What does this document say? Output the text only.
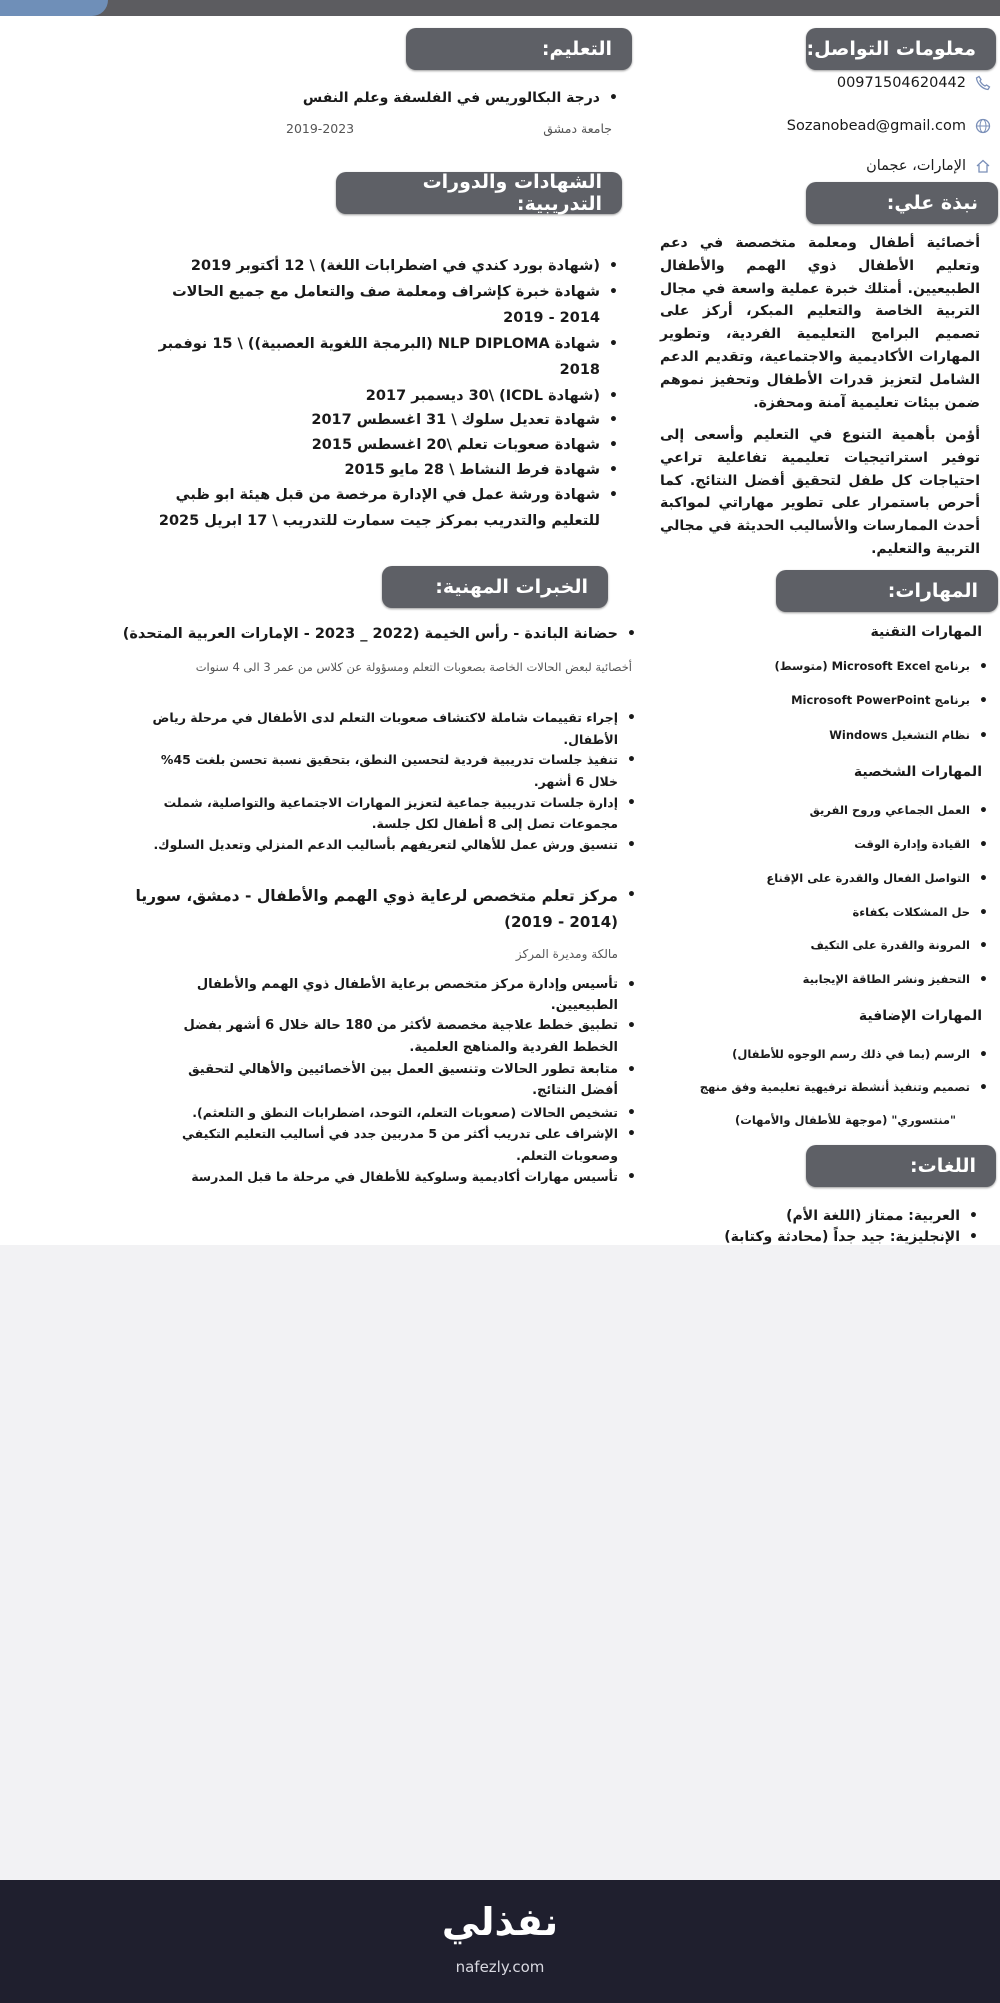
معلومات التواصل:
00971504620442
Sozanobead@gmail.com
الإمارات، عجمان
نبذة علي:
أخصائية أطفال ومعلمة متخصصة في دعم وتعليم الأطفال ذوي الهمم والأطفال الطبيعيين. أمتلك خبرة عملية واسعة في مجال التربية الخاصة والتعليم المبكر، أركز على تصميم البرامج التعليمية الفردية، وتطوير المهارات الأكاديمية والاجتماعية، وتقديم الدعم الشامل لتعزيز قدرات الأطفال وتحفيز نموهم ضمن بيئات تعليمية آمنة ومحفزة.
أؤمن بأهمية التنوع في التعليم وأسعى إلى توفير استراتيجيات تعليمية تفاعلية تراعي احتياجات كل طفل لتحقيق أفضل النتائج. كما أحرص باستمرار على تطوير مهاراتي لمواكبة أحدث الممارسات والأساليب الحديثة في مجالي التربية والتعليم.
المهارات:
المهارات التقنية
• برنامج Microsoft Excel (متوسط)
• برنامج Microsoft PowerPoint
• نظام التشغيل Windows
المهارات الشخصية
• العمل الجماعي وروح الفريق
• القيادة وإدارة الوقت
• التواصل الفعال والقدرة على الإقناع
• حل المشكلات بكفاءة
• المرونة والقدرة على التكيف
• التحفيز ونشر الطاقة الإيجابية
المهارات الإضافية
• الرسم (بما في ذلك رسم الوجوه للأطفال)
• تصميم وتنفيذ أنشطة ترفيهية تعليمية وفق منهج
"منتسوري" (موجهة للأطفال والأمهات)
اللغات:
• العربية: ممتاز (اللغة الأم)
• الإنجليزية: جيد جداً (محادثة وكتابة)
التعليم:
• درجة البكالوريس في الفلسفة وعلم النفس
جامعة دمشق
2019-2023
الشهادات والدورات التدريبية:
• (شهادة بورد كندي في اضطرابات اللغة) \ 12 أكتوبر 2019
• شهادة خبرة كإشراف ومعلمة صف والتعامل مع جميع الحالات
2014 - 2019
• شهادة NLP DIPLOMA (البرمجة اللغوية العصبية)) \ 15 نوفمبر
2018
• (شهادة ICDL) \30 ديسمبر 2017
• شهادة تعديل سلوك \ 31 اغسطس 2017
• شهادة صعوبات تعلم \20 اغسطس 2015
• شهادة فرط النشاط \ 28 مايو 2015
• شهادة ورشة عمل في الإدارة مرخصة من قبل هيئة ابو ظبي
للتعليم والتدريب بمركز جيت سمارت للتدريب \ 17 ابريل 2025
الخبرات المهنية:
• حضانة الباندة - رأس الخيمة (2022 _ 2023 - الإمارات العربية المتحدة)
أخصائية لبعض الحالات الخاصة بصعوبات التعلم ومسؤولة عن كلاس من عمر 3 الى 4 سنوات
• إجراء تقييمات شاملة لاكتشاف صعوبات التعلم لدى الأطفال في مرحلة رياض
الأطفال.
• تنفيذ جلسات تدريبية فردية لتحسين النطق، بتحقيق نسبة تحسن بلغت 45%
خلال 6 أشهر.
• إدارة جلسات تدريبية جماعية لتعزيز المهارات الاجتماعية والتواصلية، شملت
مجموعات تصل إلى 8 أطفال لكل جلسة.
• تنسيق ورش عمل للأهالي لتعريفهم بأساليب الدعم المنزلي وتعديل السلوك.
• مركز تعلم متخصص لرعاية ذوي الهمم والأطفال - دمشق، سوريا
(2014 - 2019)
مالكة ومديرة المركز
• تأسيس وإدارة مركز متخصص برعاية الأطفال ذوي الهمم والأطفال
الطبيعيين.
• تطبيق خطط علاجية مخصصة لأكثر من 180 حالة خلال 6 أشهر بفضل
الخطط الفردية والمناهج العلمية.
• متابعة تطور الحالات وتنسيق العمل بين الأخصائيين والأهالي لتحقيق
أفضل النتائج.
• تشخيص الحالات (صعوبات التعلم، التوحد، اضطرابات النطق و التلعثم).
• الإشراف على تدريب أكثر من 5 مدربين جدد في أساليب التعليم التكيفي
وصعوبات التعلم.
• تأسيس مهارات أكاديمية وسلوكية للأطفال في مرحلة ما قبل المدرسة
نفذلي
nafezly.com
